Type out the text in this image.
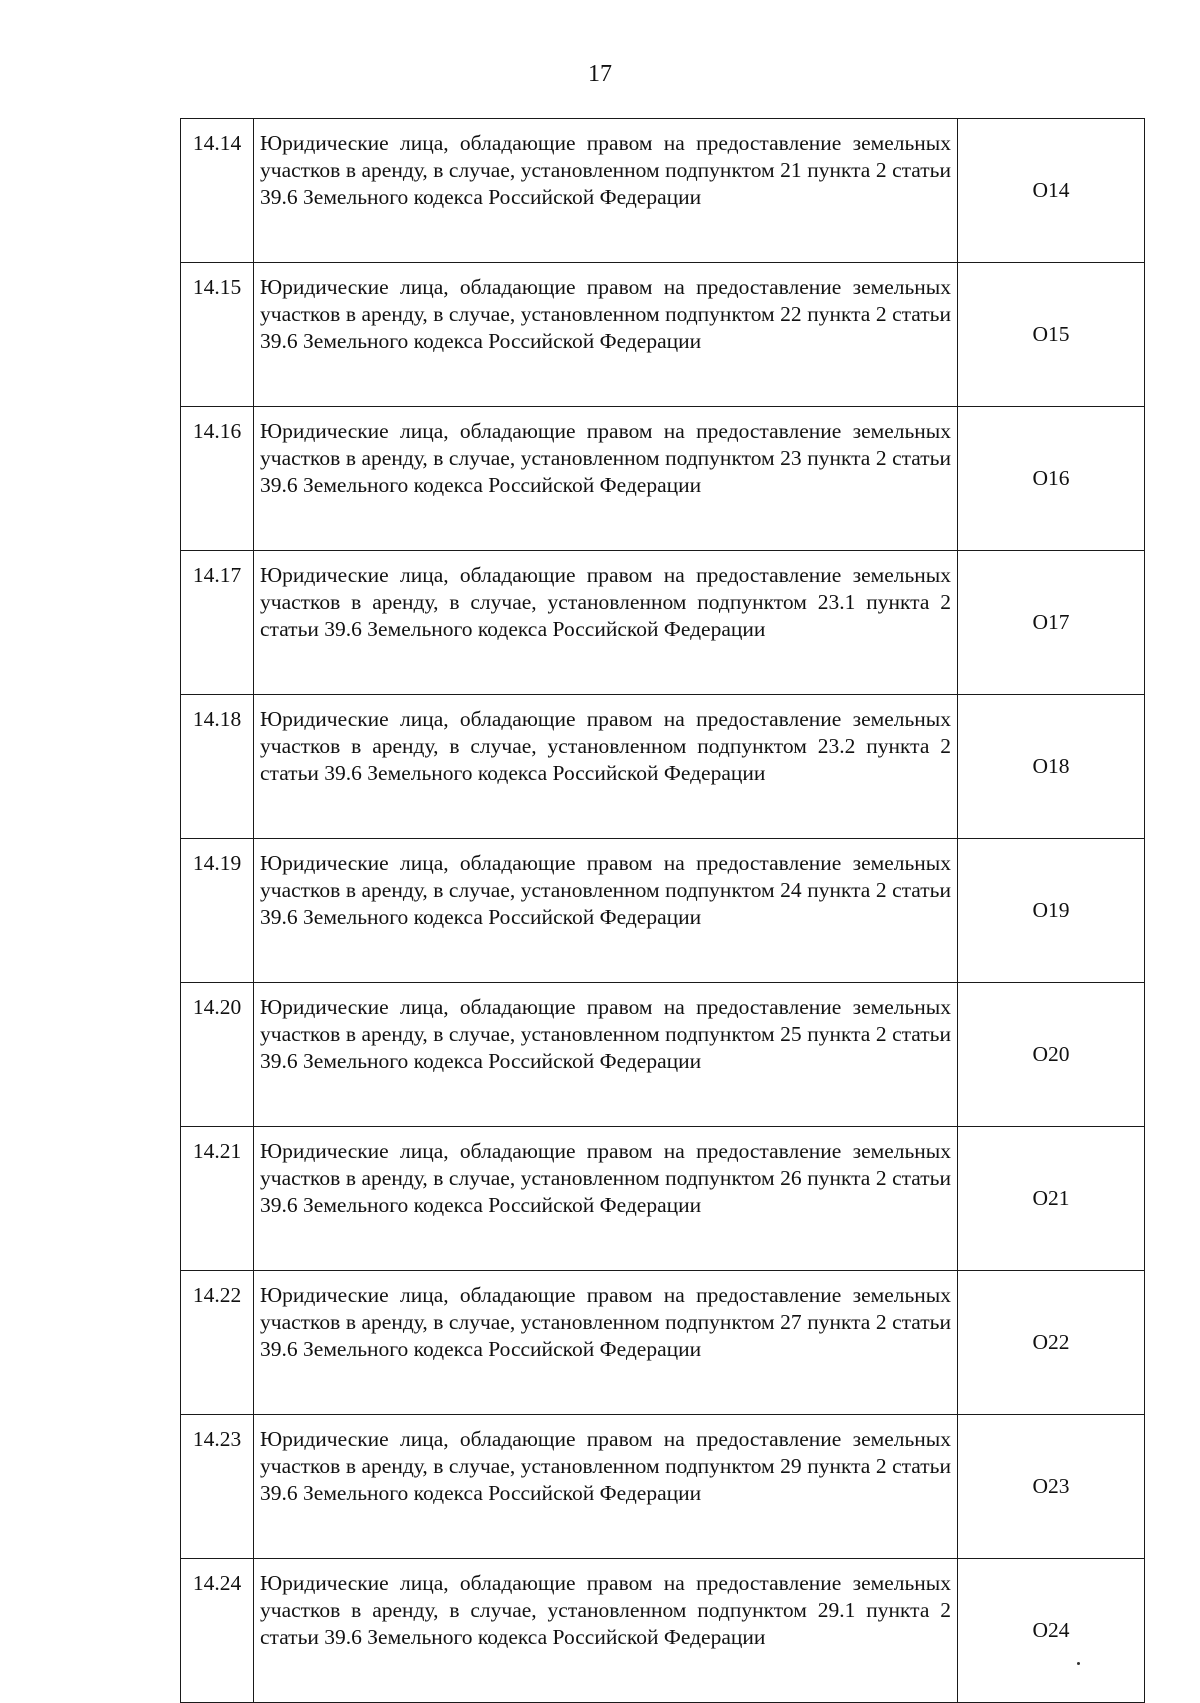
17
14.14	Юридические лица, обладающие правом на предоставление земельных участков в аренду, в случае, установленном подпунктом 21 пункта 2 статьи 39.6 Земельного кодекса Российской Федерации	О14
14.15	Юридические лица, обладающие правом на предоставление земельных участков в аренду, в случае, установленном подпунктом 22 пункта 2 статьи 39.6 Земельного кодекса Российской Федерации	О15
14.16	Юридические лица, обладающие правом на предоставление земельных участков в аренду, в случае, установленном подпунктом 23 пункта 2 статьи 39.6 Земельного кодекса Российской Федерации	О16
14.17	Юридические лица, обладающие правом на предоставление земельных участков в аренду, в случае, установленном подпунктом 23.1 пункта 2 статьи 39.6 Земельного кодекса Российской Федерации	О17
14.18	Юридические лица, обладающие правом на предоставление земельных участков в аренду, в случае, установленном подпунктом 23.2 пункта 2 статьи 39.6 Земельного кодекса Российской Федерации	О18
14.19	Юридические лица, обладающие правом на предоставление земельных участков в аренду, в случае, установленном подпунктом 24 пункта 2 статьи 39.6 Земельного кодекса Российской Федерации	О19
14.20	Юридические лица, обладающие правом на предоставление земельных участков в аренду, в случае, установленном подпунктом 25 пункта 2 статьи 39.6 Земельного кодекса Российской Федерации	О20
14.21	Юридические лица, обладающие правом на предоставление земельных участков в аренду, в случае, установленном подпунктом 26 пункта 2 статьи 39.6 Земельного кодекса Российской Федерации	О21
14.22	Юридические лица, обладающие правом на предоставление земельных участков в аренду, в случае, установленном подпунктом 27 пункта 2 статьи 39.6 Земельного кодекса Российской Федерации	О22
14.23	Юридические лица, обладающие правом на предоставление земельных участков в аренду, в случае, установленном подпунктом 29 пункта 2 статьи 39.6 Земельного кодекса Российской Федерации	О23
14.24	Юридические лица, обладающие правом на предоставление земельных участков в аренду, в случае, установленном подпунктом 29.1 пункта 2 статьи 39.6 Земельного кодекса Российской Федерации	О24
